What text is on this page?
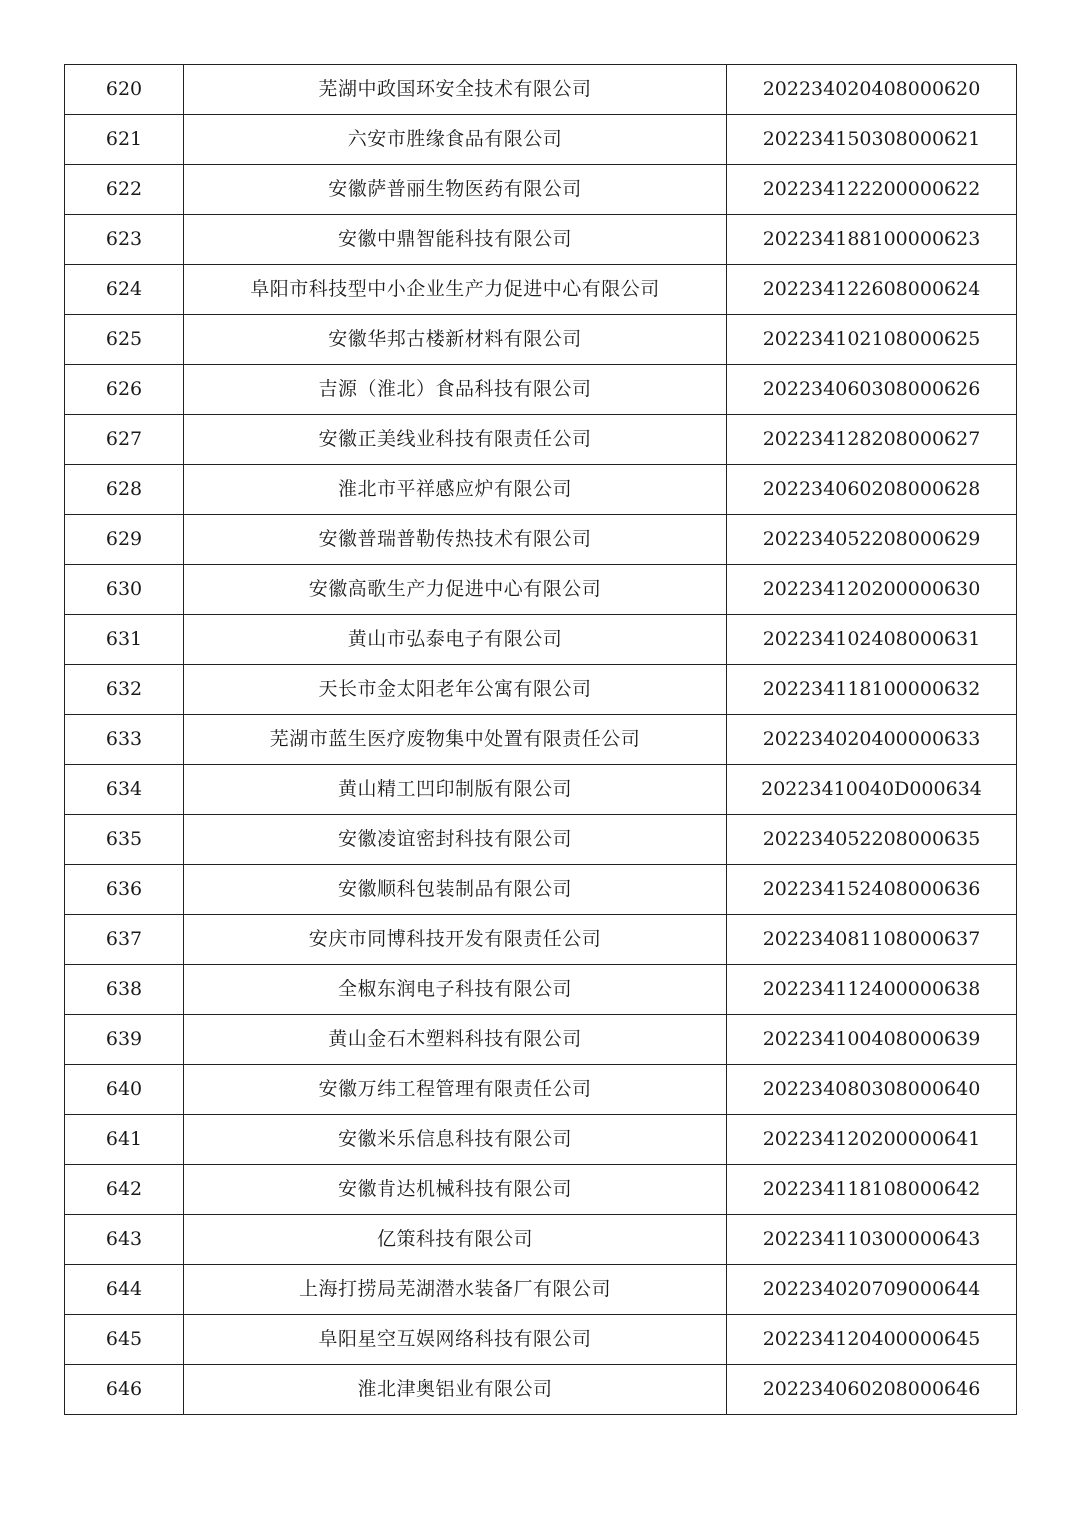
620	芜湖中政国环安全技术有限公司	202234020408000620
621	六安市胜缘食品有限公司	202234150308000621
622	安徽萨普丽生物医药有限公司	202234122200000622
623	安徽中鼎智能科技有限公司	202234188100000623
624	阜阳市科技型中小企业生产力促进中心有限公司	202234122608000624
625	安徽华邦古楼新材料有限公司	202234102108000625
626	吉源（淮北）食品科技有限公司	202234060308000626
627	安徽正美线业科技有限责任公司	202234128208000627
628	淮北市平祥感应炉有限公司	202234060208000628
629	安徽普瑞普勒传热技术有限公司	202234052208000629
630	安徽高歌生产力促进中心有限公司	202234120200000630
631	黄山市弘泰电子有限公司	202234102408000631
632	天长市金太阳老年公寓有限公司	202234118100000632
633	芜湖市蓝生医疗废物集中处置有限责任公司	202234020400000633
634	黄山精工凹印制版有限公司	20223410040D000634
635	安徽凌谊密封科技有限公司	202234052208000635
636	安徽顺科包装制品有限公司	202234152408000636
637	安庆市同博科技开发有限责任公司	202234081108000637
638	全椒东润电子科技有限公司	202234112400000638
639	黄山金石木塑料科技有限公司	202234100408000639
640	安徽万纬工程管理有限责任公司	202234080308000640
641	安徽米乐信息科技有限公司	202234120200000641
642	安徽肯达机械科技有限公司	202234118108000642
643	亿策科技有限公司	202234110300000643
644	上海打捞局芜湖潜水装备厂有限公司	202234020709000644
645	阜阳星空互娱网络科技有限公司	202234120400000645
646	淮北津奥铝业有限公司	202234060208000646
